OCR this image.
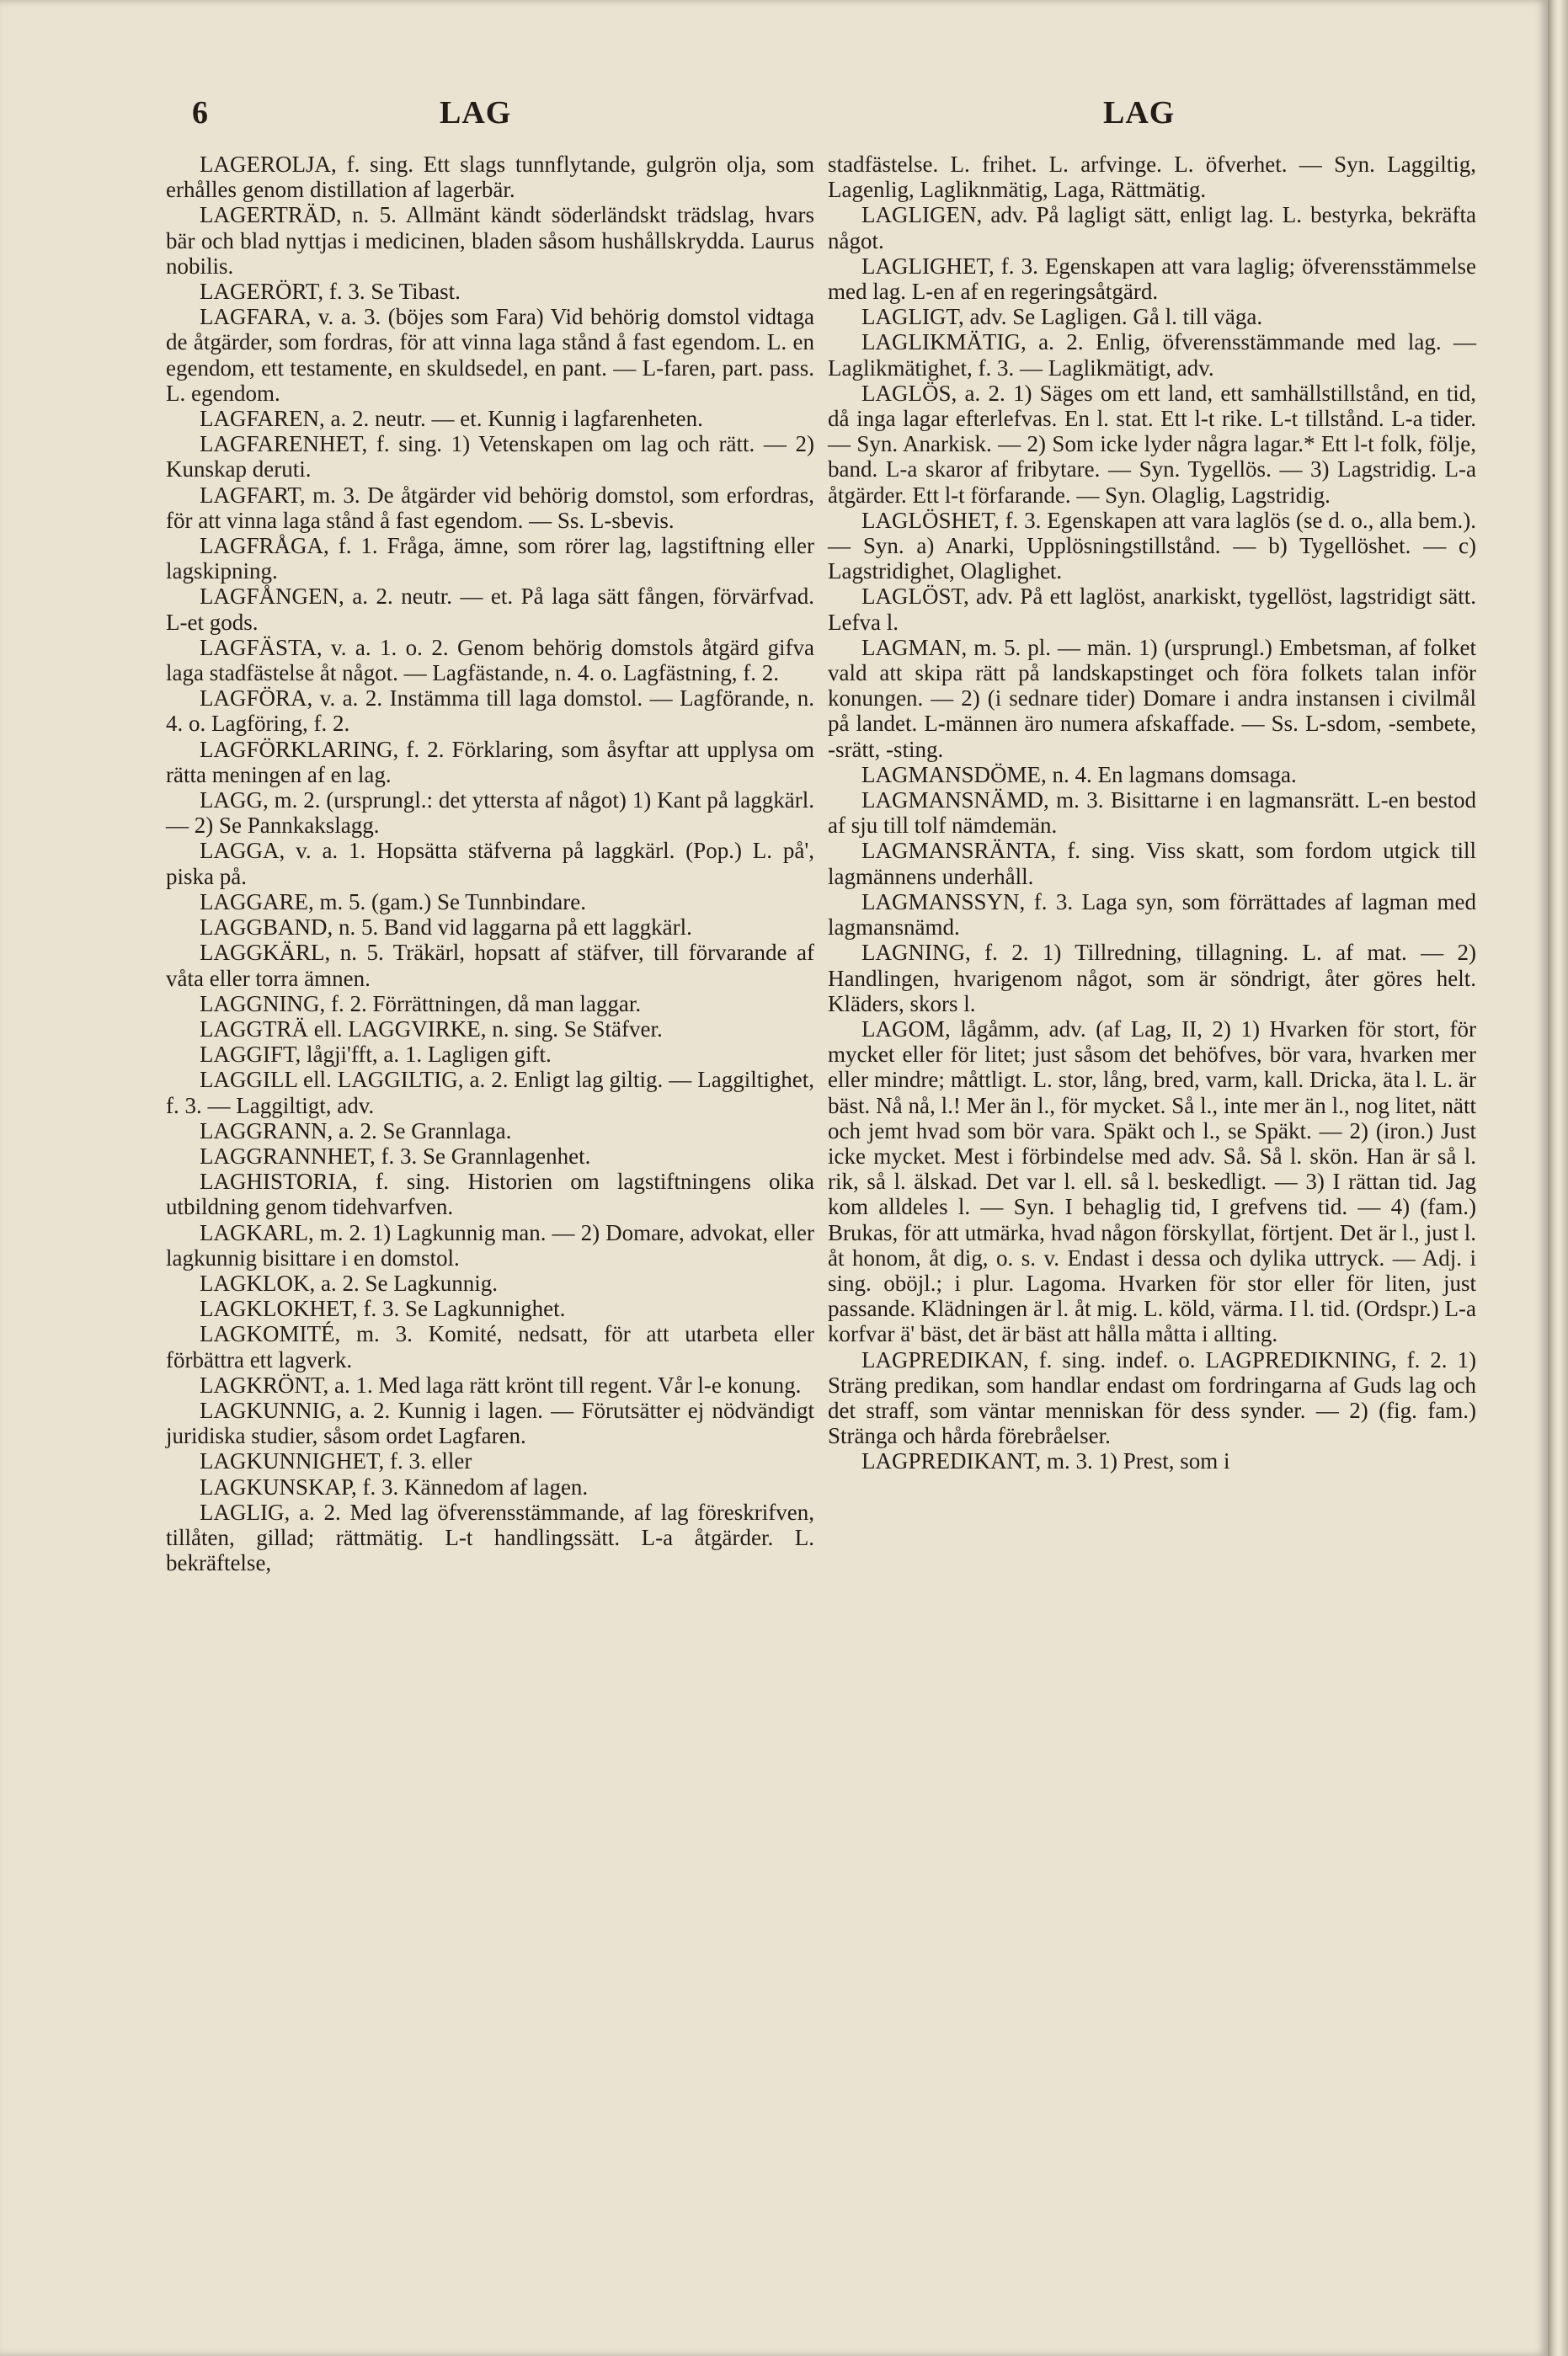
6	LAG	LAG

LAGEROLJA, f. sing. Ett slags tunnflytande, gulgrön olja, som erhålles genom distillation af lagerbär.

LAGERTRÄD, n. 5. Allmänt kändt söderländskt trädslag, hvars bär och blad nyttjas i medicinen, bladen såsom hushållskrydda. Laurus nobilis.

LAGERÖRT, f. 3. Se Tibast.

LAGFARA, v. a. 3. (böjes som Fara) Vid behörig domstol vidtaga de åtgärder, som fordras, för att vinna laga stånd å fast egendom. L. en egendom, ett testamente, en skuldsedel, en pant. — L-faren, part. pass. L. egendom.

LAGFAREN, a. 2. neutr. — et. Kunnig i lagfarenheten.

LAGFARENHET, f. sing. 1) Vetenskapen om lag och rätt. — 2) Kunskap deruti.

LAGFART, m. 3. De åtgärder vid behörig domstol, som erfordras, för att vinna laga stånd å fast egendom. — Ss. L-sbevis.

LAGFRÅGA, f. 1. Fråga, ämne, som rörer lag, lagstiftning eller lagskipning.

LAGFÅNGEN, a. 2. neutr. — et. På laga sätt fången, förvärfvad. L-et gods.

LAGFÄSTA, v. a. 1. o. 2. Genom behörig domstols åtgärd gifva laga stadfästelse åt något. — Lagfästande, n. 4. o. Lagfästning, f. 2.

LAGFÖRA, v. a. 2. Instämma till laga domstol. — Lagförande, n. 4. o. Lagföring, f. 2.

LAGFÖRKLARING, f. 2. Förklaring, som åsyftar att upplysa om rätta meningen af en lag.

LAGG, m. 2. (ursprungl.: det yttersta af något) 1) Kant på laggkärl. — 2) Se Pannkakslagg.

LAGGA, v. a. 1. Hopsätta stäfverna på laggkärl. (Pop.) L. på', piska på.

LAGGARE, m. 5. (gam.) Se Tunnbindare.

LAGGBAND, n. 5. Band vid laggarna på ett laggkärl.

LAGGKÄRL, n. 5. Träkärl, hopsatt af stäfver, till förvarande af våta eller torra ämnen.

LAGGNING, f. 2. Förrättningen, då man laggar.

LAGGTRÄ ell. LAGGVIRKE, n. sing. Se Stäfver.

LAGGIFT, lågji'fft, a. 1. Lagligen gift.

LAGGILL ell. LAGGILTIG, a. 2. Enligt lag giltig. — Laggiltighet, f. 3. — Laggiltigt, adv.

LAGGRANN, a. 2. Se Grannlaga.

LAGGRANNHET, f. 3. Se Grannlagenhet.

LAGHISTORIA, f. sing. Historien om lagstiftningens olika utbildning genom tidehvarfven.

LAGKARL, m. 2. 1) Lagkunnig man. — 2) Domare, advokat, eller lagkunnig bisittare i en domstol.

LAGKLOK, a. 2. Se Lagkunnig.

LAGKLOKHET, f. 3. Se Lagkunnighet.

LAGKOMITÉ, m. 3. Komité, nedsatt, för att utarbeta eller förbättra ett lagverk.

LAGKRÖNT, a. 1. Med laga rätt krönt till regent. Vår l-e konung.

LAGKUNNIG, a. 2. Kunnig i lagen. — Förutsätter ej nödvändigt juridiska studier, såsom ordet Lagfaren.

LAGKUNNIGHET, f. 3. eller

LAGKUNSKAP, f. 3. Kännedom af lagen.

LAGLIG, a. 2. Med lag öfverensstämmande, af lag föreskrifven, tillåten, gillad; rättmätig. L-t handlingssätt. L-a åtgärder. L. bekräftelse,

stadfästelse. L. frihet. L. arfvinge. L. öfverhet. — Syn. Laggiltig, Lagenlig, Lagliknmätig, Laga, Rättmätig.

LAGLIGEN, adv. På lagligt sätt, enligt lag. L. bestyrka, bekräfta något.

LAGLIGHET, f. 3. Egenskapen att vara laglig; öfverensstämmelse med lag. L-en af en regeringsåtgärd.

LAGLIGT, adv. Se Lagligen. Gå l. till väga.

LAGLIKMÄTIG, a. 2. Enlig, öfverensstämmande med lag. — Laglikmätighet, f. 3. — Laglikmätigt, adv.

LAGLÖS, a. 2. 1) Säges om ett land, ett samhällstillstånd, en tid, då inga lagar efterlefvas. En l. stat. Ett l-t rike. L-t tillstånd. L-a tider. — Syn. Anarkisk. — 2) Som icke lyder några lagar.* Ett l-t folk, följe, band. L-a skaror af fribytare. — Syn. Tygellös. — 3) Lagstridig. L-a åtgärder. Ett l-t förfarande. — Syn. Olaglig, Lagstridig.

LAGLÖSHET, f. 3. Egenskapen att vara laglös (se d. o., alla bem.). — Syn. a) Anarki, Upplösningstillstånd. — b) Tygellöshet. — c) Lagstridighet, Olaglighet.

LAGLÖST, adv. På ett laglöst, anarkiskt, tygellöst, lagstridigt sätt. Lefva l.

LAGMAN, m. 5. pl. — män. 1) (ursprungl.) Embetsman, af folket vald att skipa rätt på landskapstinget och föra folkets talan inför konungen. — 2) (i sednare tider) Domare i andra instansen i civilmål på landet. L-männen äro numera afskaffade. — Ss. L-sdom, -sembete, -srätt, -sting.

LAGMANSDÖME, n. 4. En lagmans domsaga.

LAGMANSNÄMD, m. 3. Bisittarne i en lagmansrätt. L-en bestod af sju till tolf nämdemän.

LAGMANSRÄNTA, f. sing. Viss skatt, som fordom utgick till lagmännens underhåll.

LAGMANSSYN, f. 3. Laga syn, som förrättades af lagman med lagmansnämd.

LAGNING, f. 2. 1) Tillredning, tillagning. L. af mat. — 2) Handlingen, hvarigenom något, som är söndrigt, åter göres helt. Kläders, skors l.

LAGOM, lågåmm, adv. (af Lag, II, 2) 1) Hvarken för stort, för mycket eller för litet; just såsom det behöfves, bör vara, hvarken mer eller mindre; måttligt. L. stor, lång, bred, varm, kall. Dricka, äta l. L. är bäst. Nå nå, l.! Mer än l., för mycket. Så l., inte mer än l., nog litet, nätt och jemt hvad som bör vara. Späkt och l., se Späkt. — 2) (iron.) Just icke mycket. Mest i förbindelse med adv. Så. Så l. skön. Han är så l. rik, så l. älskad. Det var l. ell. så l. beskedligt. — 3) I rättan tid. Jag kom alldeles l. — Syn. I behaglig tid, I grefvens tid. — 4) (fam.) Brukas, för att utmärka, hvad någon förskyllat, förtjent. Det är l., just l. åt honom, åt dig, o. s. v. Endast i dessa och dylika uttryck. — Adj. i sing. oböjl.; i plur. Lagoma. Hvarken för stor eller för liten, just passande. Klädningen är l. åt mig. L. köld, värma. I l. tid. (Ordspr.) L-a korfvar ä' bäst, det är bäst att hålla måtta i allting.

LAGPREDIKAN, f. sing. indef. o. LAGPREDIKNING, f. 2. 1) Sträng predikan, som handlar endast om fordringarna af Guds lag och det straff, som väntar menniskan för dess synder. — 2) (fig. fam.) Stränga och hårda förebråelser.

LAGPREDIKANT, m. 3. 1) Prest, som i
